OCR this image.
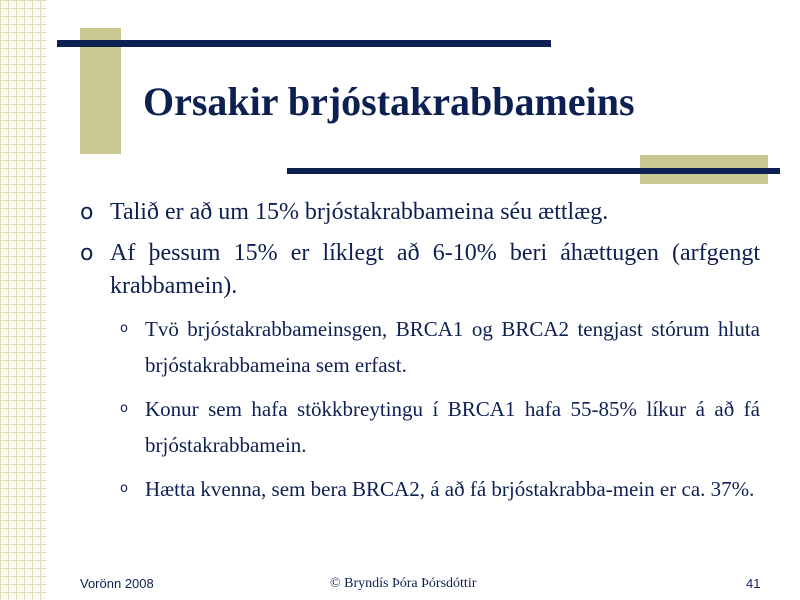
Orsakir brjóstakrabbameins
o Talið er að um 15% brjóstakrabbameina séu ættlæg.
o Af þessum 15% er líklegt að 6-10% beri áhættugen (arfgengt krabbamein).
o Tvö brjóstakrabbameinsgen, BRCA1 og BRCA2 tengjast stórum hluta brjóstakrabbameina sem erfast.
o Konur sem hafa stökkbreytingu í BRCA1 hafa 55-85% líkur á að fá brjóstakrabbamein.
o Hætta kvenna, sem bera BRCA2, á að fá brjóstakrabba-mein er ca. 37%.
Vorönn 2008	© Bryndís Þóra Þórsdóttir	41
